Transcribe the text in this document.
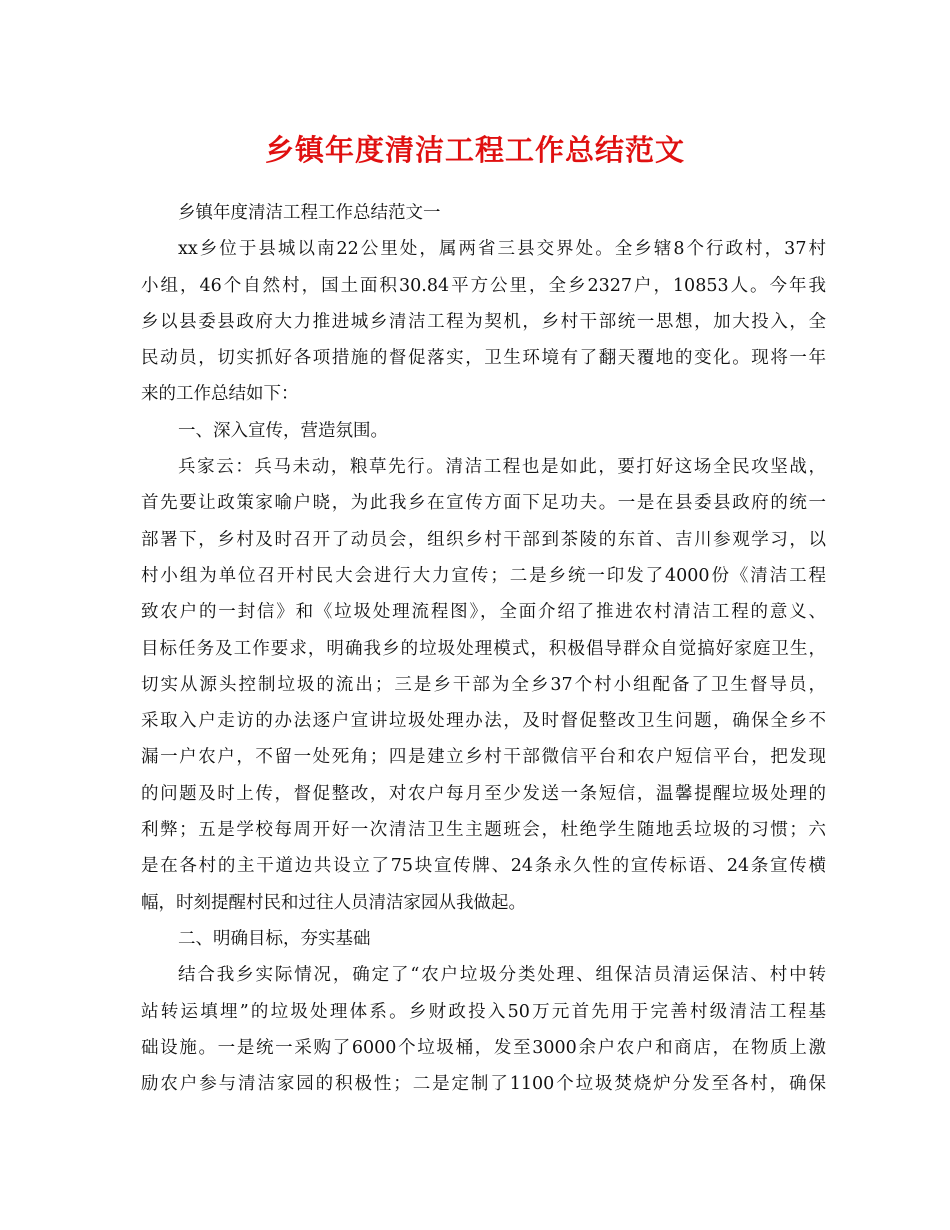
乡镇年度清洁工程工作总结范文
乡镇年度清洁工程工作总结范文一
xx乡位于县城以南22公里处，属两省三县交界处。全乡辖8个行政村，37村
小组，46个自然村，国土面积30.84平方公里，全乡2327户，10853人。今年我
乡以县委县政府大力推进城乡清洁工程为契机，乡村干部统一思想，加大投入，全
民动员，切实抓好各项措施的督促落实，卫生环境有了翻天覆地的变化。现将一年
来的工作总结如下：
一、深入宣传，营造氛围。
兵家云：兵马未动，粮草先行。清洁工程也是如此，要打好这场全民攻坚战，
首先要让政策家喻户晓，为此我乡在宣传方面下足功夫。一是在县委县政府的统一
部署下，乡村及时召开了动员会，组织乡村干部到茶陵的东首、吉川参观学习，以
村小组为单位召开村民大会进行大力宣传；二是乡统一印发了4000份《清洁工程
致农户的一封信》和《垃圾处理流程图》，全面介绍了推进农村清洁工程的意义、
目标任务及工作要求，明确我乡的垃圾处理模式，积极倡导群众自觉搞好家庭卫生，
切实从源头控制垃圾的流出；三是乡干部为全乡37个村小组配备了卫生督导员，
采取入户走访的办法逐户宣讲垃圾处理办法，及时督促整改卫生问题，确保全乡不
漏一户农户，不留一处死角；四是建立乡村干部微信平台和农户短信平台，把发现
的问题及时上传，督促整改，对农户每月至少发送一条短信，温馨提醒垃圾处理的
利弊；五是学校每周开好一次清洁卫生主题班会，杜绝学生随地丢垃圾的习惯；六
是在各村的主干道边共设立了75块宣传牌、24条永久性的宣传标语、24条宣传横
幅，时刻提醒村民和过往人员清洁家园从我做起。
二、明确目标，夯实基础
结合我乡实际情况，确定了“农户垃圾分类处理、组保洁员清运保洁、村中转
站转运填埋”的垃圾处理体系。乡财政投入50万元首先用于完善村级清洁工程基
础设施。一是统一采购了6000个垃圾桶，发至3000余户农户和商店，在物质上激
励农户参与清洁家园的积极性；二是定制了1100个垃圾焚烧炉分发至各村，确保
